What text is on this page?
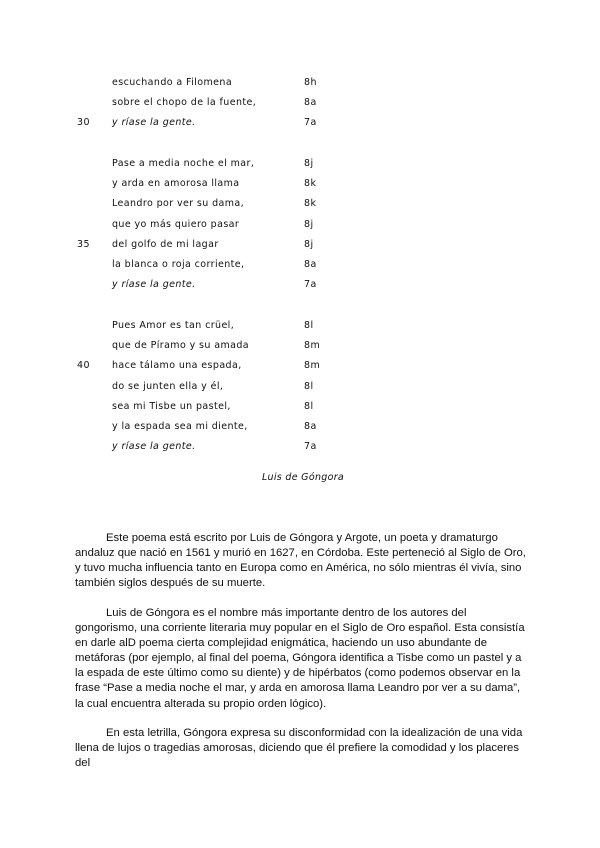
escuchando a Filomena	8h
sobre el chopo de la fuente,	8a
30 y ríase la gente.	7a
Pase a media noche el mar,	8j
y arda en amorosa llama	8k
Leandro por ver su dama,	8k
que yo más quiero pasar	8j
35 del golfo de mi lagar	8j
la blanca o roja corriente,	8a
y ríase la gente.	7a
Pues Amor es tan crüel,	8l
que de Píramo y su amada	8m
40 hace tálamo una espada,	8m
do se junten ella y él,	8l
sea mi Tisbe un pastel,	8l
y la espada sea mi diente,	8a
y ríase la gente.	7a
Luis de Góngora

Este poema está escrito por Luis de Góngora y Argote, un poeta y dramaturgo andaluz que nació en 1561 y murió en 1627, en Córdoba. Este perteneció al Siglo de Oro, y tuvo mucha influencia tanto en Europa como en América, no sólo mientras él vivía, sino también siglos después de su muerte.

Luis de Góngora es el nombre más importante dentro de los autores del gongorismo, una corriente literaria muy popular en el Siglo de Oro español. Esta consistía en darle alD poema cierta complejidad enigmática, haciendo un uso abundante de metáforas (por ejemplo, al final del poema, Góngora identifica a Tisbe como un pastel y a la espada de este último como su diente) y de hipérbatos (como podemos observar en la frase “Pase a media noche el mar, y arda en amorosa llama Leandro por ver a su dama”, la cual encuentra alterada su propio orden lógico).

En esta letrilla, Góngora expresa su disconformidad con la idealización de una vida llena de lujos o tragedias amorosas, diciendo que él prefiere la comodidad y los placeres del
